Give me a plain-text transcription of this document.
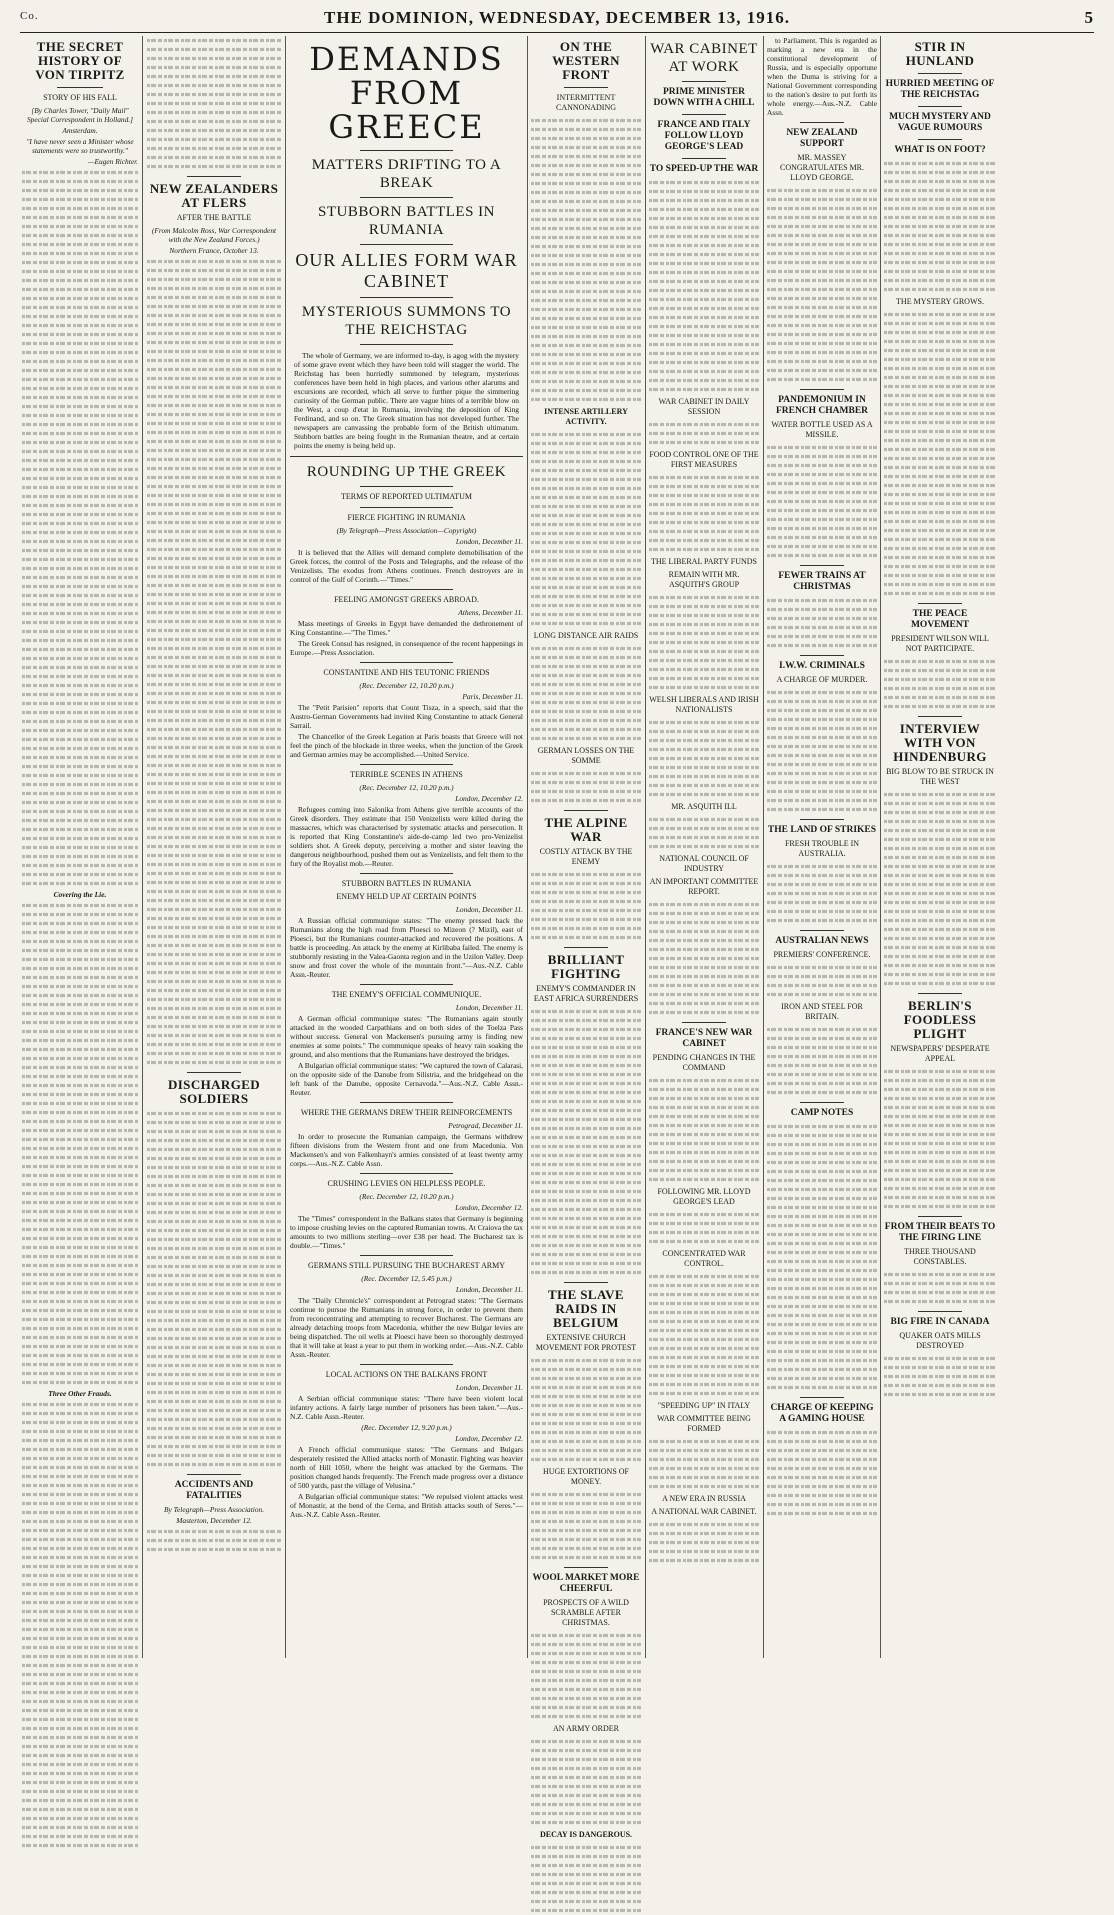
Co.	THE DOMINION, WEDNESDAY, DECEMBER 13, 1916.	5
THE SECRET HISTORY OF VON TIRPITZ
STORY OF HIS FALL
[By Charles Tower, "Daily Mail" Special Correspondent in Holland.]
Amsterdam.
"I have never seen a Minister whose statements were so trustworthy."
—Eugen Richter.
Covering the Lie.
Three Other Frauds.
NEW ZEALANDERS AT FLERS
AFTER THE BATTLE
(From Malcolm Ross, War Correspondent with the New Zealand Forces.)
Northern France, October 13.
DISCHARGED SOLDIERS
ACCIDENTS AND FATALITIES
By Telegraph—Press Association.
Masterton, December 12.
DEMANDS FROM GREECE
MATTERS DRIFTING TO A BREAK
STUBBORN BATTLES IN RUMANIA
OUR ALLIES FORM WAR CABINET
MYSTERIOUS SUMMONS TO THE REICHSTAG

The whole of Germany, we are informed to-day, is agog with the mystery of some grave event which they have been told will stagger the world. The Reichstag has been hurriedly summoned by telegram, mysterious conferences have been held in high places, and various other alarums and excursions are recorded, which all serve to further pique the simmering curiosity of the German public. There are vague hints of a terrible blow on the West, a coup d'etat in Rumania, involving the deposition of King Ferdinand, and so on. The Greek situation has not developed further. The newspapers are canvassing the probable form of the British ultimatum. Stubborn battles are being fought in the Rumanian theatre, and at certain points the enemy is being held up.

ROUNDING UP THE GREEK
TERMS OF REPORTED ULTIMATUM
FIERCE FIGHTING IN RUMANIA
(By Telegraph—Press Association—Copyright)
London, December 11.

It is believed that the Allies will demand complete demobilisation of the Greek forces, the control of the Posts and Telegraphs, and the release of the Venizelists. The exodus from Athens continues. French destroyers are in control of the Gulf of Corinth.—"Times."

FEELING AMONGST GREEKS ABROAD.
Athens, December 11.

Mass meetings of Greeks in Egypt have demanded the dethronement of King Constantine.—"The Times."

The Greek Consul has resigned, in consequence of the recent happenings in Europe.—Press Association.

CONSTANTINE AND HIS TEUTONIC FRIENDS
(Rec. December 12, 10.20 p.m.)
Paris, December 11.

The "Petit Parisien" reports that Count Tisza, in a speech, said that the Austro-German Governments had invited King Constantine to attack General Sarrail.

The Chancellor of the Greek Legation at Paris boasts that Greece will not feel the pinch of the blockade in three weeks, when the junction of the Greek and German armies may be accomplished.—United Service.

TERRIBLE SCENES IN ATHENS
(Rec. December 12, 10.20 p.m.)
London, December 12.

Refugees coming into Salonika from Athens give terrible accounts of the Greek disorders. They estimate that 150 Venizelists were killed during the massacres, which was characterised by systematic attacks and persecution. It is reported that King Constantine's aide-de-camp led two pro-Venizelist soldiers shot. A Greek deputy, perceiving a mother and sister leaving the dangerous neighbourhood, pushed them out as Venizelists, and felt them to the fury of the Royalist mob.—Reuter.

STUBBORN BATTLES IN RUMANIA
ENEMY HELD UP AT CERTAIN POINTS
London, December 11.

A Russian official communique states: "The enemy pressed back the Rumanians along the high road from Ploesci to Mizeon (? Mizil), east of Ploesci, but the Rumanians counter-attacked and recovered the positions. A battle is proceeding. An attack by the enemy at Kirlibaba failed. The enemy is stubbornly resisting in the Valea-Gaonta region and in the Uzilon Valley. Deep snow and frost cover the whole of the mountain front."—Aus.-N.Z. Cable Assn.-Reuter.

THE ENEMY'S OFFICIAL COMMUNIQUE.
London, December 11.

A German official communique states: "The Rumanians again stoutly attacked in the wooded Carpathians and on both sides of the Toelza Pass without success. General von Mackensen's pursuing army is finding new enemies at some points." The communique speaks of heavy rain soaking the ground, and also mentions that the Rumanians have destroyed the bridges.

A Bulgarian official communique states: "We captured the town of Calarasi, on the opposite side of the Danube from Silistria, and the bridgehead on the left bank of the Danube, opposite Cernavoda."—Aus.-N.Z. Cable Assn.-Reuter.

WHERE THE GERMANS DREW THEIR REINFORCEMENTS
Petrograd, December 11.

In order to prosecute the Rumanian campaign, the Germans withdrew fifteen divisions from the Western front and one from Macedonia. Von Mackensen's and von Falkenhayn's armies consisted of at least twenty army corps.—Aus.-N.Z. Cable Assn.

CRUSHING LEVIES ON HELPLESS PEOPLE.
(Rec. December 12, 10.20 p.m.)
London, December 12.

The "Times" correspondent in the Balkans states that Germany is beginning to impose crushing levies on the captured Rumanian towns. At Craiova the tax amounts to two millions sterling—over £38 per head. The Bucharest tax is double.—"Times."

GERMANS STILL PURSUING THE BUCHAREST ARMY
(Rec. December 12, 5.45 p.m.)
London, December 11.

The "Daily Chronicle's" correspondent at Petrograd states: "The Germans continue to pursue the Rumanians in strong force, in order to prevent them from reconcentrating and attempting to recover Bucharest. The Germans are already detaching troops from Macedonia, whither the new Bulgar levies are being dispatched. The oil wells at Ploesci have been so thoroughly destroyed that it will take at least a year to put them in working order.—Aus.-N.Z. Cable Assn.-Reuter.

LOCAL ACTIONS ON THE BALKANS FRONT
London, December 11.

A Serbian official communique states: "There have been violent local infantry actions. A fairly large number of prisoners has been taken."—Aus.-N.Z. Cable Assn.-Reuter.

(Rec. December 12, 9.20 p.m.)
London, December 12.

A French official communique states: "The Germans and Bulgars desperately resisted the Allied attacks north of Monastir. Fighting was heavier north of Hill 1050, where the height was attacked by the Germans. The position changed hands frequently. The French made progress over a distance of 500 yards, past the village of Velusina."

A Bulgarian official communique states: "We repulsed violent attacks west of Monastir, at the bend of the Cerna, and British attacks south of Seres."—Aus.-N.Z. Cable Assn.-Reuter.

ON THE WESTERN FRONT
INTERMITTENT CANNONADING
INTENSE ARTILLERY ACTIVITY.
LONG DISTANCE AIR RAIDS
GERMAN LOSSES ON THE SOMME
THE ALPINE WAR
COSTLY ATTACK BY THE ENEMY
BRILLIANT FIGHTING
ENEMY'S COMMANDER IN EAST AFRICA SURRENDERS
THE SLAVE RAIDS IN BELGIUM
EXTENSIVE CHURCH MOVEMENT FOR PROTEST
HUGE EXTORTIONS OF MONEY.
WOOL MARKET MORE CHEERFUL
PROSPECTS OF A WILD SCRAMBLE AFTER CHRISTMAS.
AN ARMY ORDER
DECAY IS DANGEROUS.
WAR CABINET AT WORK
PRIME MINISTER DOWN WITH A CHILL
FRANCE AND ITALY FOLLOW LLOYD GEORGE'S LEAD
TO SPEED-UP THE WAR
WAR CABINET IN DAILY SESSION
FOOD CONTROL ONE OF THE FIRST MEASURES
THE LIBERAL PARTY FUNDS
REMAIN WITH MR. ASQUITH'S GROUP
WELSH LIBERALS AND IRISH NATIONALISTS
MR. ASQUITH ILL
NATIONAL COUNCIL OF INDUSTRY
AN IMPORTANT COMMITTEE REPORT.
FRANCE'S NEW WAR CABINET
PENDING CHANGES IN THE COMMAND
FOLLOWING MR. LLOYD GEORGE'S LEAD
CONCENTRATED WAR CONTROL.
"SPEEDING UP" IN ITALY
WAR COMMITTEE BEING FORMED
A NEW ERA IN RUSSIA
A NATIONAL WAR CABINET.

to Parliament. This is regarded as marking a new era in the constitutional development of Russia, and is especially opportune when the Duma is striving for a National Government corresponding to the nation's desire to put forth its whole energy.—Aus.-N.Z. Cable Assn.

NEW ZEALAND SUPPORT
MR. MASSEY CONGRATULATES MR. LLOYD GEORGE.
PANDEMONIUM IN FRENCH CHAMBER
WATER BOTTLE USED AS A MISSILE.
FEWER TRAINS AT CHRISTMAS
I.W.W. CRIMINALS
A CHARGE OF MURDER.
THE LAND OF STRIKES
FRESH TROUBLE IN AUSTRALIA.
AUSTRALIAN NEWS
PREMIERS' CONFERENCE.
IRON AND STEEL FOR BRITAIN.
CAMP NOTES
CHARGE OF KEEPING A GAMING HOUSE
STIR IN HUNLAND
HURRIED MEETING OF THE REICHSTAG
MUCH MYSTERY AND VAGUE RUMOURS
WHAT IS ON FOOT?
THE MYSTERY GROWS.
THE PEACE MOVEMENT
PRESIDENT WILSON WILL NOT PARTICIPATE.
INTERVIEW WITH VON HINDENBURG
BIG BLOW TO BE STRUCK IN THE WEST
BERLIN'S FOODLESS PLIGHT
NEWSPAPERS' DESPERATE APPEAL
FROM THEIR BEATS TO THE FIRING LINE
THREE THOUSAND CONSTABLES.
BIG FIRE IN CANADA
QUAKER OATS MILLS DESTROYED
